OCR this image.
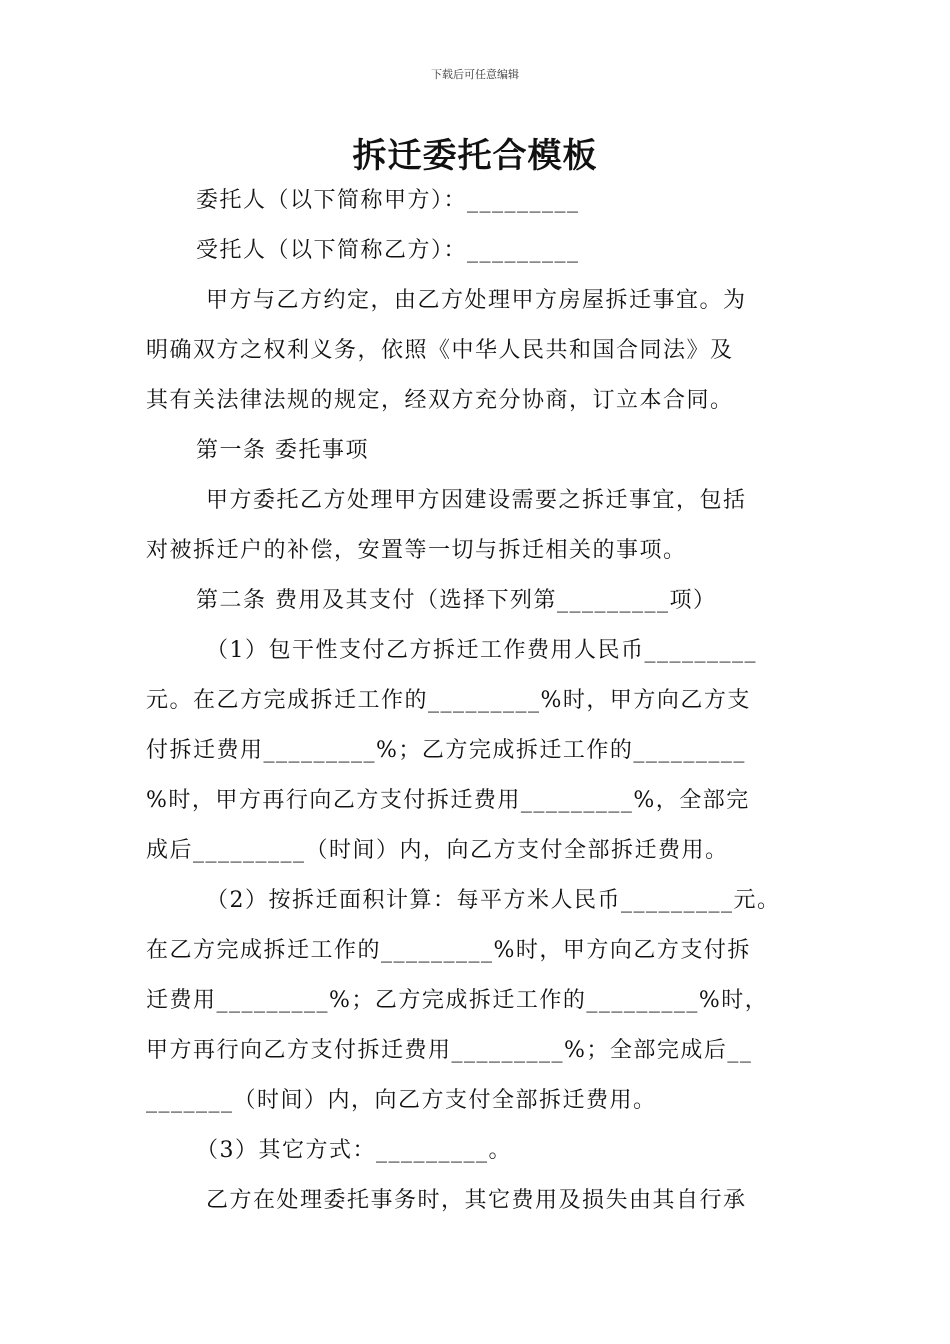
下载后可任意编辑
拆迁委托合模板
委托人（以下简称甲方）：_________
受托人（以下简称乙方）：_________
甲方与乙方约定，由乙方处理甲方房屋拆迁事宜。为
明确双方之权利义务，依照《中华人民共和国合同法》及
其有关法律法规的规定，经双方充分协商，订立本合同。
第一条 委托事项
甲方委托乙方处理甲方因建设需要之拆迁事宜，包括
对被拆迁户的补偿，安置等一切与拆迁相关的事项。
第二条 费用及其支付（选择下列第_________项）
（1）包干性支付乙方拆迁工作费用人民币_________
元。在乙方完成拆迁工作的_________%时，甲方向乙方支
付拆迁费用_________%；乙方完成拆迁工作的_________
%时，甲方再行向乙方支付拆迁费用_________%，全部完
成后_________（时间）内，向乙方支付全部拆迁费用。
（2）按拆迁面积计算：每平方米人民币_________元。
在乙方完成拆迁工作的_________%时，甲方向乙方支付拆
迁费用_________%；乙方完成拆迁工作的_________%时，
甲方再行向乙方支付拆迁费用_________%；全部完成后__
_______（时间）内，向乙方支付全部拆迁费用。
（3）其它方式：_________。
乙方在处理委托事务时，其它费用及损失由其自行承
